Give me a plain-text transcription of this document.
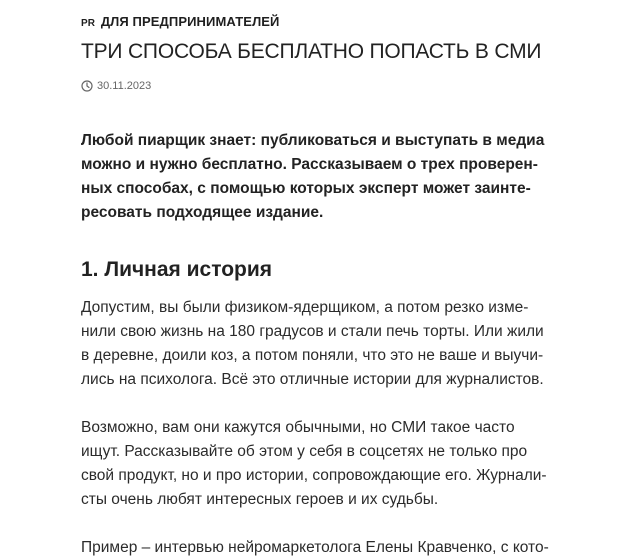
PR ДЛЯ ПРЕДПРИНИМАТЕЛЕЙ
ТРИ СПОСОБА БЕСПЛАТНО ПОПАСТЬ В СМИ
30.11.2023

Любой пиарщик знает: публиковаться и выступать в медиа
можно и нужно бесплатно. Рассказываем о трех проверен-
ных способах, с помощью которых эксперт может заинте-
ресовать подходящее издание.

1. Личная история

Допустим, вы были физиком-ядерщиком, а потом резко изме-
нили свою жизнь на 180 градусов и стали печь торты. Или жили
в деревне, доили коз, а потом поняли, что это не ваше и выучи-
лись на психолога. Всё это отличные истории для журналистов.

Возможно, вам они кажутся обычными, но СМИ такое часто
ищут. Рассказывайте об этом у себя в соцсетях не только про
свой продукт, но и про истории, сопровождающие его. Журнали-
сты очень любят интересных героев и их судьбы.

Пример – интервью нейромаркетолога Елены Кравченко, с кото-
